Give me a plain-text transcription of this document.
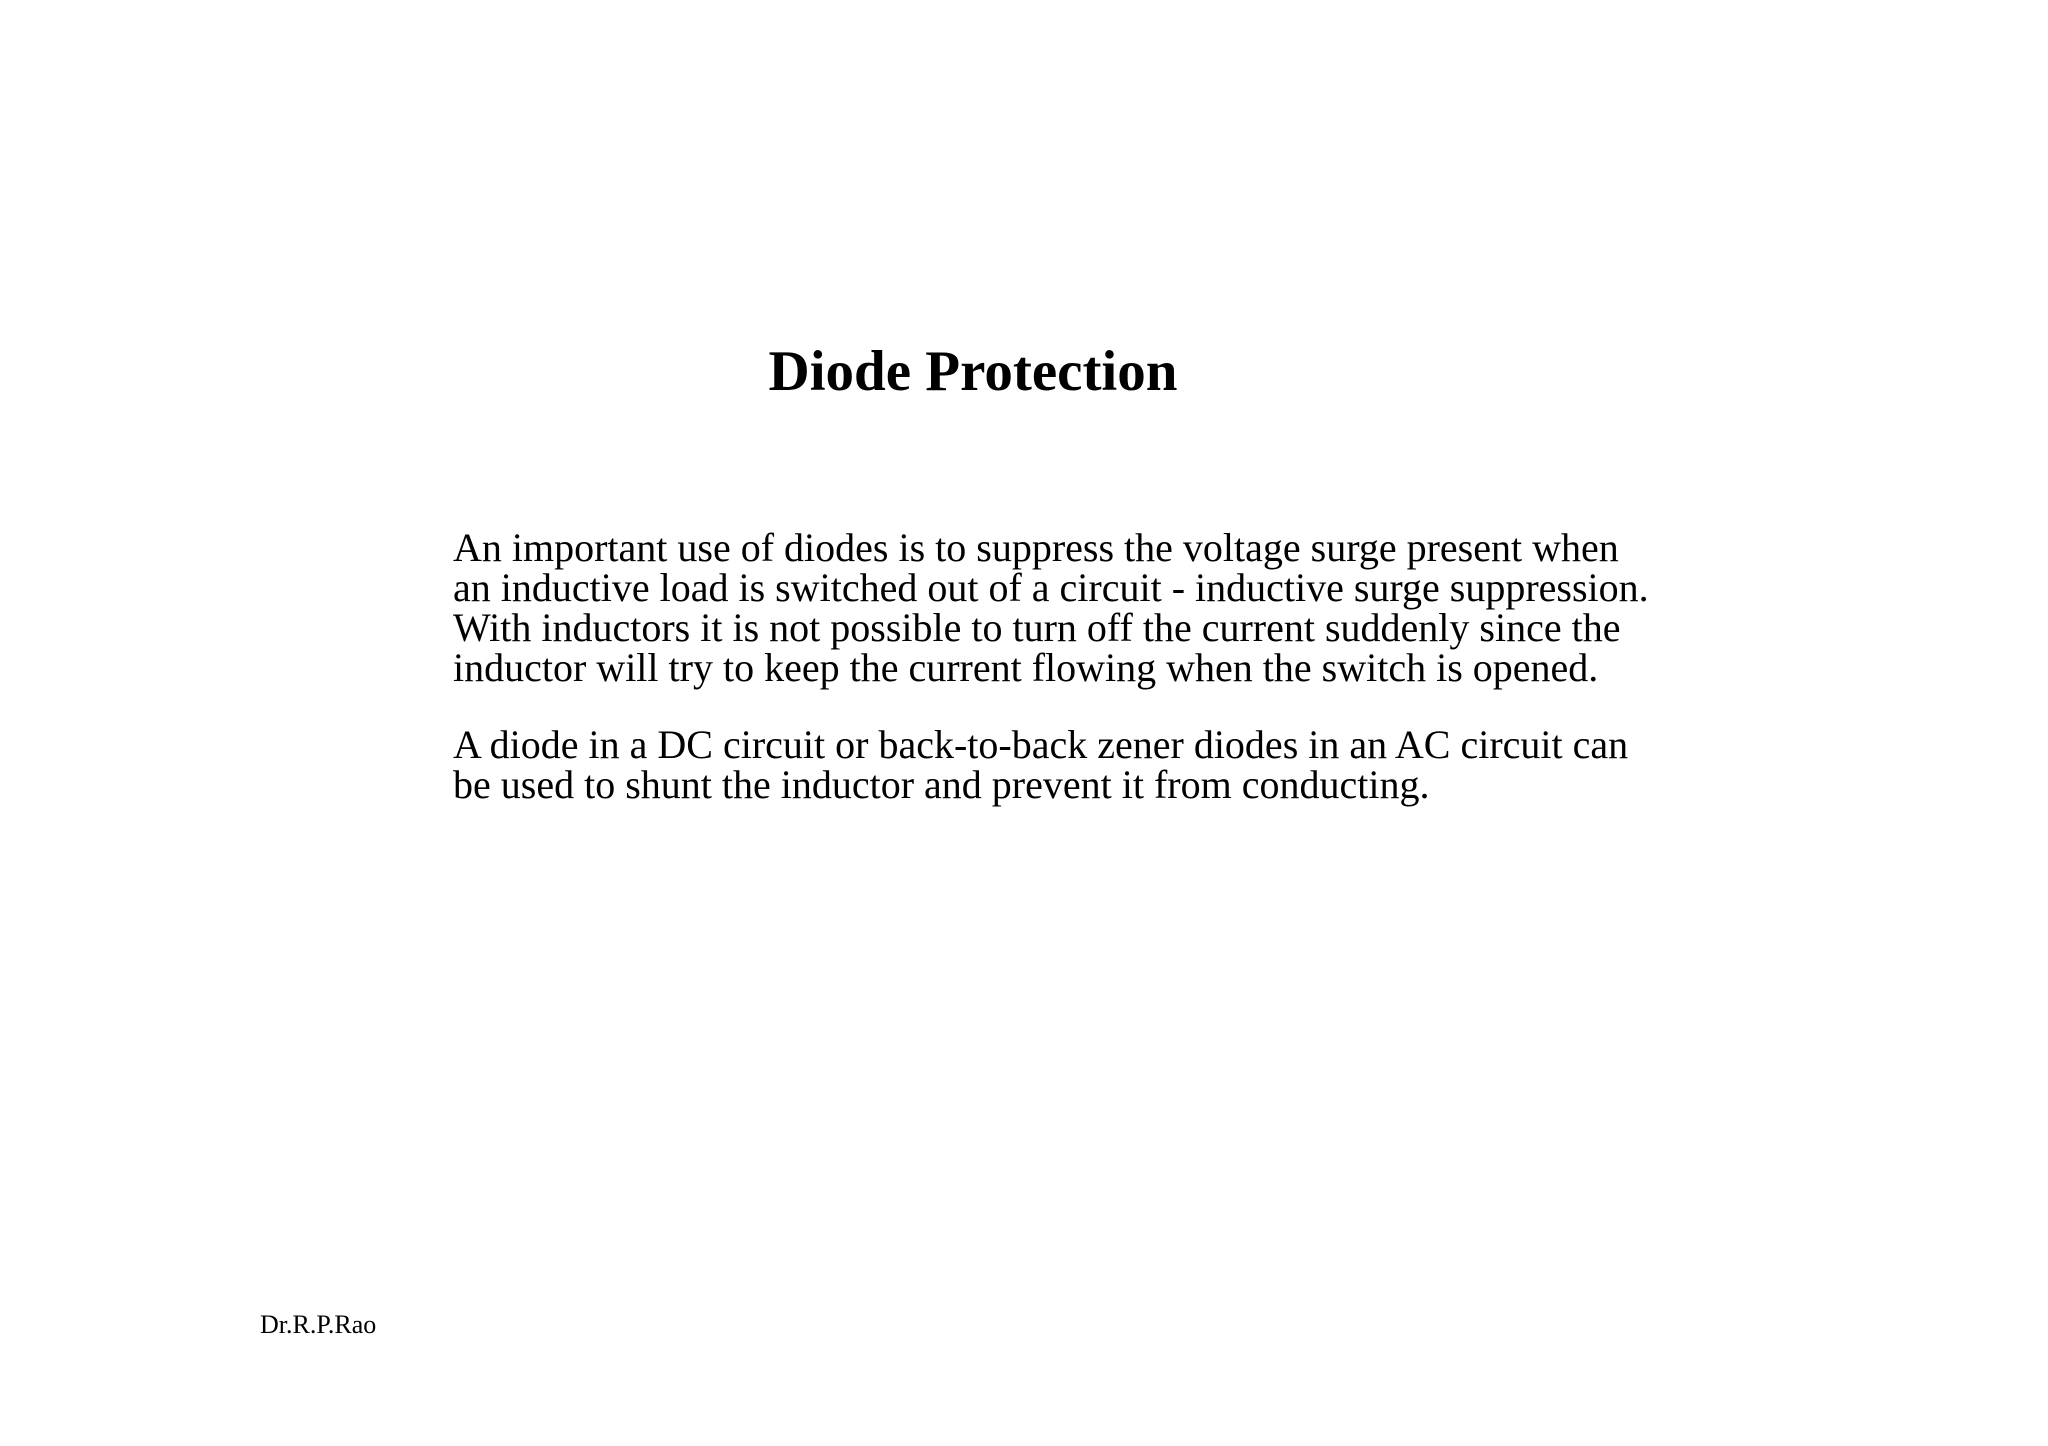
Diode Protection
An important use of diodes is to suppress the voltage surge present when
an inductive load is switched out of a circuit - inductive surge suppression.
With inductors it is not possible to turn off the current suddenly since the
inductor will try to keep the current flowing when the switch is opened.
A diode in a DC circuit or back-to-back zener diodes in an AC circuit can
be used to shunt the inductor and prevent it from conducting.
Dr.R.P.Rao
